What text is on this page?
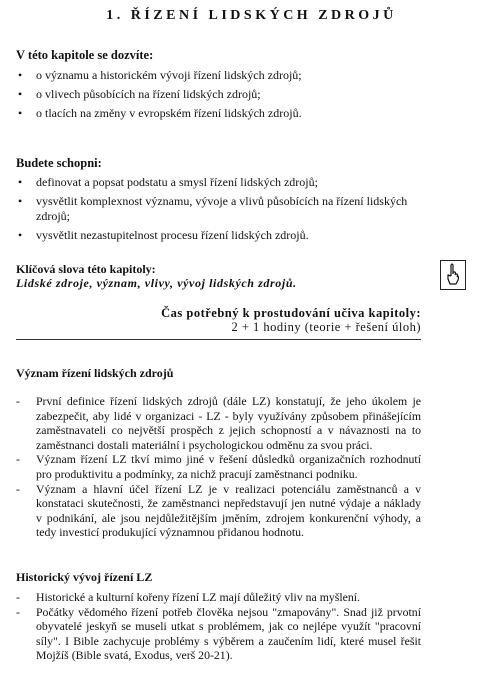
1. ŘÍZENÍ LIDSKÝCH ZDROJŮ
V této kapitole se dozvíte:
• o významu a historickém vývoji řízení lidských zdrojů;
• o vlivech působících na řízení lidských zdrojů;
• o tlacích na změny v evropském řízení lidských zdrojů.
Budete schopni:
• definovat a popsat podstatu a smysl řízení lidských zdrojů;
• vysvětlit komplexnost významu, vývoje a vlivů působících na řízení lidských zdrojů;
• vysvětlit nezastupitelnost procesu řízení lidských zdrojů.
Klíčová slova této kapitoly:
Lidské zdroje, význam, vlivy, vývoj lidských zdrojů.
Čas potřebný k prostudování učiva kapitoly:
2 + 1 hodiny (teorie + řešení úloh)
Význam řízení lidských zdrojů
- První definice řízení lidských zdrojů (dále LZ) konstatují, že jeho úkolem je zabezpečit, aby lidé v organizaci - LZ - byly využívány způsobem přinášejícím zaměstnavateli co největší prospěch z jejich schopností a v návaznosti na to zaměstnanci dostali materiální i psychologickou odměnu za svou práci.
- Význam řízení LZ tkví mimo jiné v řešení důsledků organizačních rozhodnutí pro produktivitu a podmínky, za nichž pracují zaměstnanci podniku.
- Význam a hlavní účel řízení LZ je v realizaci potenciálu zaměstnanců a v konstataci skutečnosti, že zaměstnanci nepředstavují jen nutné výdaje a náklady v podnikání, ale jsou nejdůležitějším jměním, zdrojem konkurenční výhody, a tedy investicí produkující významnou přidanou hodnotu.
Historický vývoj řízení LZ
- Historické a kulturní kořeny řízení LZ mají důležitý vliv na myšlení.
- Počátky vědomého řízení potřeb člověka nejsou "zmapovány". Snad již prvotní obyvatelé jeskyň se museli utkat s problémem, jak co nejlépe využít "pracovní síly". I Bible zachycuje problémy s výběrem a zaučením lidí, které musel řešit Mojžíš (Bible svatá, Exodus, verš 20-21).
